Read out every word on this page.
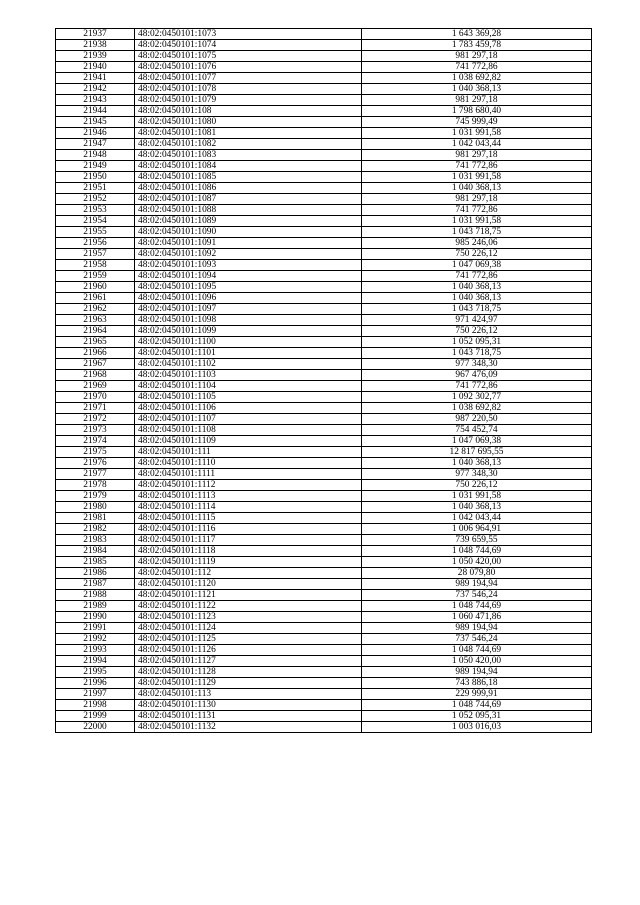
21937	48:02:0450101:1073	1 643 369,28
21938	48:02:0450101:1074	1 783 459,78
21939	48:02:0450101:1075	981 297,18
21940	48:02:0450101:1076	741 772,86
21941	48:02:0450101:1077	1 038 692,82
21942	48:02:0450101:1078	1 040 368,13
21943	48:02:0450101:1079	981 297,18
21944	48:02:0450101:108	1 798 680,40
21945	48:02:0450101:1080	745 999,49
21946	48:02:0450101:1081	1 031 991,58
21947	48:02:0450101:1082	1 042 043,44
21948	48:02:0450101:1083	981 297,18
21949	48:02:0450101:1084	741 772,86
21950	48:02:0450101:1085	1 031 991,58
21951	48:02:0450101:1086	1 040 368,13
21952	48:02:0450101:1087	981 297,18
21953	48:02:0450101:1088	741 772,86
21954	48:02:0450101:1089	1 031 991,58
21955	48:02:0450101:1090	1 043 718,75
21956	48:02:0450101:1091	985 246,06
21957	48:02:0450101:1092	750 226,12
21958	48:02:0450101:1093	1 047 069,38
21959	48:02:0450101:1094	741 772,86
21960	48:02:0450101:1095	1 040 368,13
21961	48:02:0450101:1096	1 040 368,13
21962	48:02:0450101:1097	1 043 718,75
21963	48:02:0450101:1098	971 424,97
21964	48:02:0450101:1099	750 226,12
21965	48:02:0450101:1100	1 052 095,31
21966	48:02:0450101:1101	1 043 718,75
21967	48:02:0450101:1102	977 348,30
21968	48:02:0450101:1103	967 476,09
21969	48:02:0450101:1104	741 772,86
21970	48:02:0450101:1105	1 092 302,77
21971	48:02:0450101:1106	1 038 692,82
21972	48:02:0450101:1107	987 220,50
21973	48:02:0450101:1108	754 452,74
21974	48:02:0450101:1109	1 047 069,38
21975	48:02:0450101:111	12 817 695,55
21976	48:02:0450101:1110	1 040 368,13
21977	48:02:0450101:1111	977 348,30
21978	48:02:0450101:1112	750 226,12
21979	48:02:0450101:1113	1 031 991,58
21980	48:02:0450101:1114	1 040 368,13
21981	48:02:0450101:1115	1 042 043,44
21982	48:02:0450101:1116	1 006 964,91
21983	48:02:0450101:1117	739 659,55
21984	48:02:0450101:1118	1 048 744,69
21985	48:02:0450101:1119	1 050 420,00
21986	48:02:0450101:112	28 079,80
21987	48:02:0450101:1120	989 194,94
21988	48:02:0450101:1121	737 546,24
21989	48:02:0450101:1122	1 048 744,69
21990	48:02:0450101:1123	1 060 471,86
21991	48:02:0450101:1124	989 194,94
21992	48:02:0450101:1125	737 546,24
21993	48:02:0450101:1126	1 048 744,69
21994	48:02:0450101:1127	1 050 420,00
21995	48:02:0450101:1128	989 194,94
21996	48:02:0450101:1129	743 886,18
21997	48:02:0450101:113	229 999,91
21998	48:02:0450101:1130	1 048 744,69
21999	48:02:0450101:1131	1 052 095,31
22000	48:02:0450101:1132	1 003 016,03
